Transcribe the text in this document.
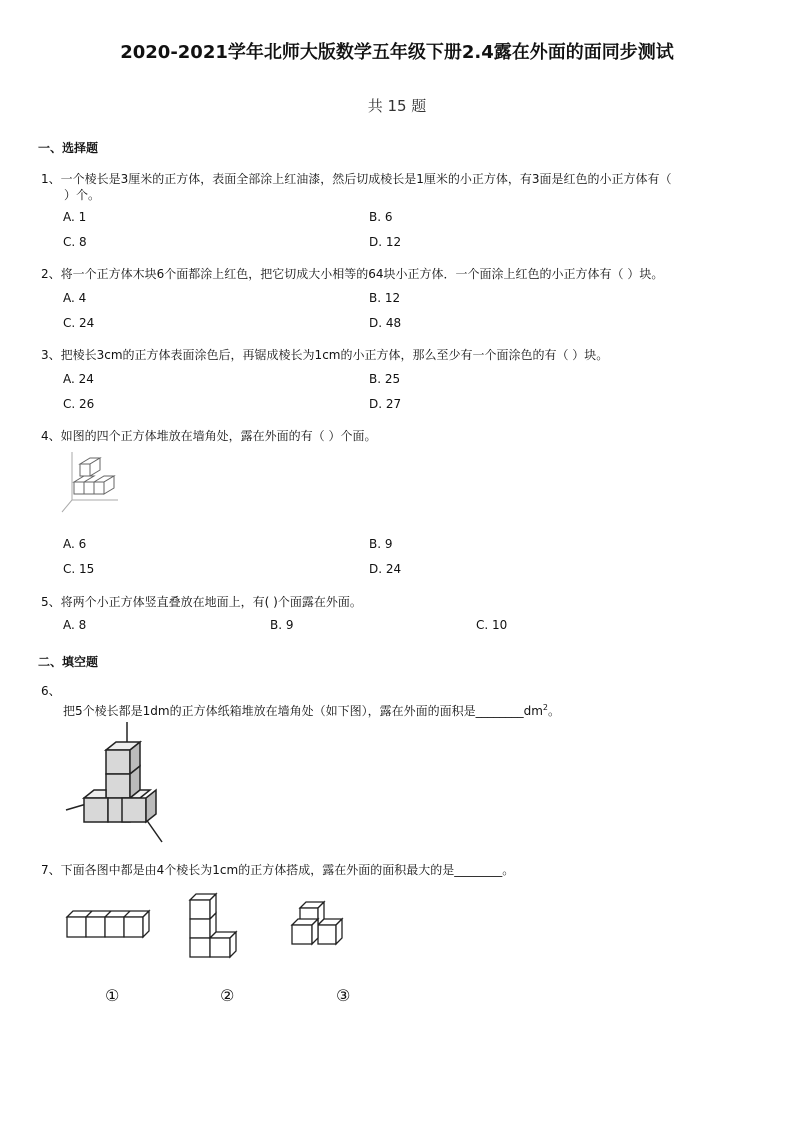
2020-2021学年北师大版数学五年级下册2.4露在外面的面同步测试
共 15 题
一、选择题
1、一个棱长是3厘米的正方体，表面全部涂上红油漆，然后切成棱长是1厘米的小正方体，有3面是红色的小正方体有（
）个。
A. 1	B. 6
C. 8	D. 12
2、将一个正方体木块6个面都涂上红色，把它切成大小相等的64块小正方体．一个面涂上红色的小正方体有（ ）块。
A. 4	B. 12
C. 24	D. 48
3、把棱长3cm的正方体表面涂色后，再锯成棱长为1cm的小正方体，那么至少有一个面涂色的有（ ）块。
A. 24	B. 25
C. 26	D. 27
4、如图的四个正方体堆放在墙角处，露在外面的有（ ）个面。
A. 6	B. 9
C. 15	D. 24
5、将两个小正方体竖直叠放在地面上，有( )个面露在外面。
A. 8	B. 9	C. 10
二、填空题
6、
把5个棱长都是1dm的正方体纸箱堆放在墙角处（如下图），露在外面的面积是$\_\_\_\_\_\_\_\_dm^2$。
7、下面各图中都是由4个棱长为1cm的正方体搭成，露在外面的面积最大的是________。
①	②	③
